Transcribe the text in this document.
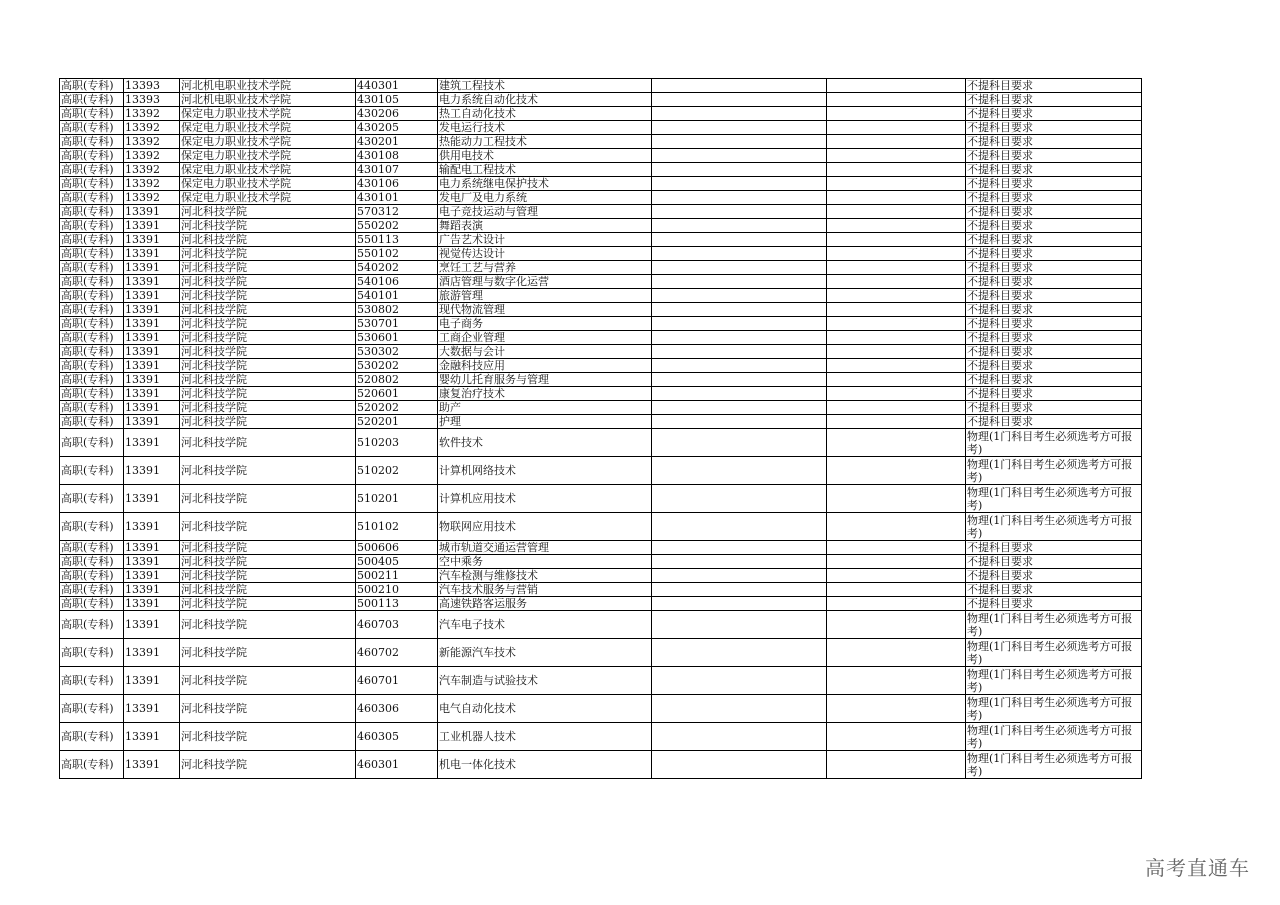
高职(专科)	13393	河北机电职业技术学院	440301	建筑工程技术			不提科目要求
高职(专科)	13393	河北机电职业技术学院	430105	电力系统自动化技术			不提科目要求
高职(专科)	13392	保定电力职业技术学院	430206	热工自动化技术			不提科目要求
高职(专科)	13392	保定电力职业技术学院	430205	发电运行技术			不提科目要求
高职(专科)	13392	保定电力职业技术学院	430201	热能动力工程技术			不提科目要求
高职(专科)	13392	保定电力职业技术学院	430108	供用电技术			不提科目要求
高职(专科)	13392	保定电力职业技术学院	430107	输配电工程技术			不提科目要求
高职(专科)	13392	保定电力职业技术学院	430106	电力系统继电保护技术			不提科目要求
高职(专科)	13392	保定电力职业技术学院	430101	发电厂及电力系统			不提科目要求
高职(专科)	13391	河北科技学院	570312	电子竞技运动与管理			不提科目要求
高职(专科)	13391	河北科技学院	550202	舞蹈表演			不提科目要求
高职(专科)	13391	河北科技学院	550113	广告艺术设计			不提科目要求
高职(专科)	13391	河北科技学院	550102	视觉传达设计			不提科目要求
高职(专科)	13391	河北科技学院	540202	烹饪工艺与营养			不提科目要求
高职(专科)	13391	河北科技学院	540106	酒店管理与数字化运营			不提科目要求
高职(专科)	13391	河北科技学院	540101	旅游管理			不提科目要求
高职(专科)	13391	河北科技学院	530802	现代物流管理			不提科目要求
高职(专科)	13391	河北科技学院	530701	电子商务			不提科目要求
高职(专科)	13391	河北科技学院	530601	工商企业管理			不提科目要求
高职(专科)	13391	河北科技学院	530302	大数据与会计			不提科目要求
高职(专科)	13391	河北科技学院	530202	金融科技应用			不提科目要求
高职(专科)	13391	河北科技学院	520802	婴幼儿托育服务与管理			不提科目要求
高职(专科)	13391	河北科技学院	520601	康复治疗技术			不提科目要求
高职(专科)	13391	河北科技学院	520202	助产			不提科目要求
高职(专科)	13391	河北科技学院	520201	护理			不提科目要求
高职(专科)	13391	河北科技学院	510203	软件技术			物理(1门科目考生必须选考方可报考)
高职(专科)	13391	河北科技学院	510202	计算机网络技术			物理(1门科目考生必须选考方可报考)
高职(专科)	13391	河北科技学院	510201	计算机应用技术			物理(1门科目考生必须选考方可报考)
高职(专科)	13391	河北科技学院	510102	物联网应用技术			物理(1门科目考生必须选考方可报考)
高职(专科)	13391	河北科技学院	500606	城市轨道交通运营管理			不提科目要求
高职(专科)	13391	河北科技学院	500405	空中乘务			不提科目要求
高职(专科)	13391	河北科技学院	500211	汽车检测与维修技术			不提科目要求
高职(专科)	13391	河北科技学院	500210	汽车技术服务与营销			不提科目要求
高职(专科)	13391	河北科技学院	500113	高速铁路客运服务			不提科目要求
高职(专科)	13391	河北科技学院	460703	汽车电子技术			物理(1门科目考生必须选考方可报考)
高职(专科)	13391	河北科技学院	460702	新能源汽车技术			物理(1门科目考生必须选考方可报考)
高职(专科)	13391	河北科技学院	460701	汽车制造与试验技术			物理(1门科目考生必须选考方可报考)
高职(专科)	13391	河北科技学院	460306	电气自动化技术			物理(1门科目考生必须选考方可报考)
高职(专科)	13391	河北科技学院	460305	工业机器人技术			物理(1门科目考生必须选考方可报考)
高职(专科)	13391	河北科技学院	460301	机电一体化技术			物理(1门科目考生必须选考方可报考)
高考直通车
